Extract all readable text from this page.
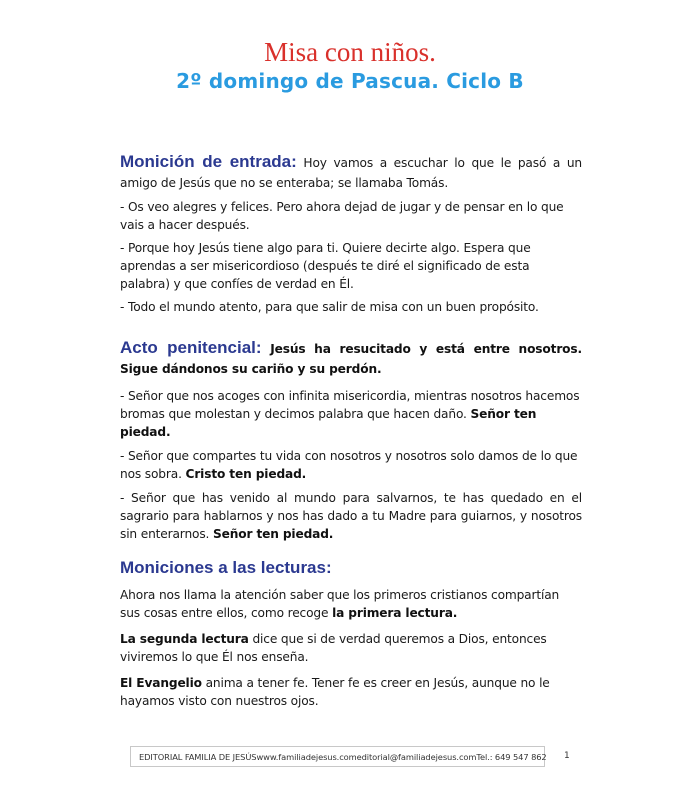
Misa con niños.
2º domingo de Pascua. Ciclo B

Monición de entrada: Hoy vamos a escuchar lo que le pasó a un amigo de Jesús que no se enteraba; se llamaba Tomás.

- Os veo alegres y felices. Pero ahora dejad de jugar y de pensar en lo que vais a hacer después.

- Porque hoy Jesús tiene algo para ti. Quiere decirte algo. Espera que aprendas a ser misericordioso (después te diré el significado de esta palabra) y que confíes de verdad en Él.

- Todo el mundo atento, para que salir de misa con un buen propósito.

Acto penitencial: Jesús ha resucitado y está entre nosotros. Sigue dándonos su cariño y su perdón.

- Señor que nos acoges con infinita misericordia, mientras nosotros hacemos bromas que molestan y decimos palabra que hacen daño. Señor ten piedad.

- Señor que compartes tu vida con nosotros y nosotros solo damos de lo que nos sobra. Cristo ten piedad.

- Señor que has venido al mundo para salvarnos, te has quedado en el sagrario para hablarnos y nos has dado a tu Madre para guiarnos, y nosotros sin enterarnos. Señor ten piedad.

Moniciones a las lecturas:

Ahora nos llama la atención saber que los primeros cristianos compartían sus cosas entre ellos, como recoge la primera lectura.

La segunda lectura dice que si de verdad queremos a Dios, entonces viviremos lo que Él nos enseña.

El Evangelio anima a tener fe. Tener fe es creer en Jesús, aunque no le hayamos visto con nuestros ojos.

EDITORIAL FAMILIA DE JESÚS www.familiadejesus.com editorial@familiadejesus.com Tel.: 649 547 862 1
